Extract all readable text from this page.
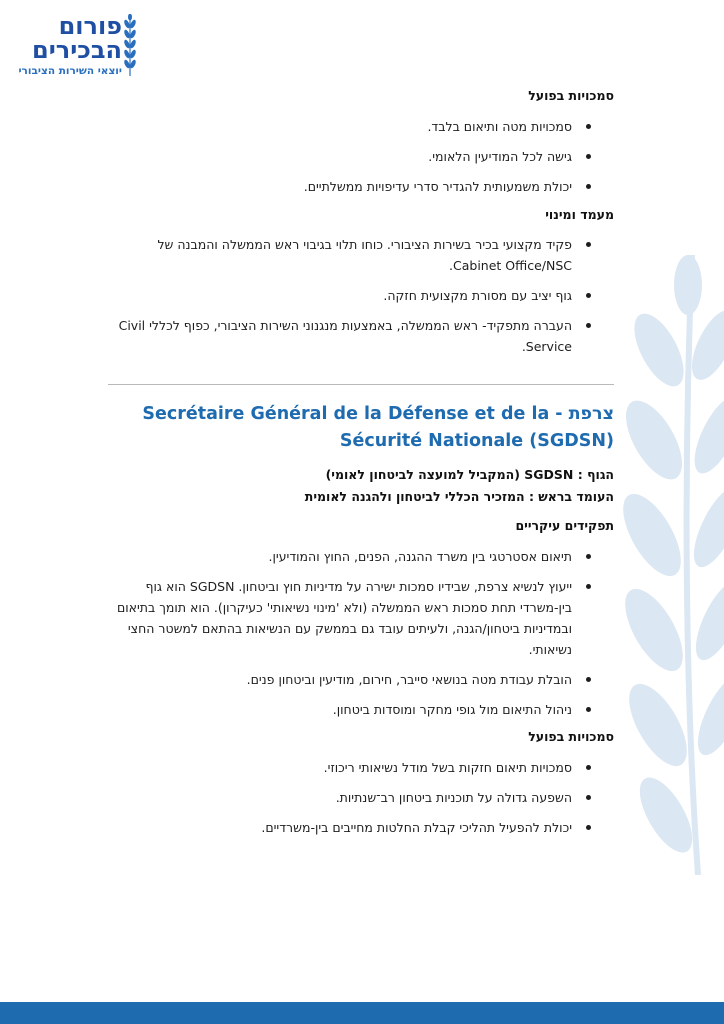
פורום
הבכירים
יוצאי השירות הציבורי
סמכויות בפועל
סמכויות מטה ותיאום בלבד.
גישה לכל המודיעין הלאומי.
יכולת משמעותית להגדיר סדרי עדיפויות ממשלתיים.
מעמד ומינוי
פקיד מקצועי בכיר בשירות הציבורי. כוחו תלוי בגיבוי ראש הממשלה והמבנה של Cabinet Office/NSC.
גוף יציב עם מסורת מקצועית חזקה.
העברה מתפקיד- ראש הממשלה, באמצעות מנגנוני השירות הציבורי, כפוף לכללי Civil Service.
צרפת-Secrétaire Général de la Défense et de la
Sécurité Nationale (SGDSN)
הגוף : SGDSN (המקביל למועצה לביטחון לאומי)
העומד בראש : המזכיר הכללי לביטחון ולהגנה לאומית
תפקידים עיקריים
תיאום אסטרטגי בין משרד ההגנה, הפנים, החוץ והמודיעין.
ייעוץ לנשיא צרפת, שבידיו סמכות ישירה על מדיניות חוץ וביטחון. SGDSN הוא גוף בין-משרדי תחת סמכות ראש הממשלה (ולא 'מינוי נשיאותי' כעיקרון). הוא תומך בתיאום ובמדיניות ביטחון/הגנה, ולעיתים עובד גם בממשק עם הנשיאות בהתאם למשטר החצי נשיאותי.
הובלת עבודת מטה בנושאי סייבר, חירום, מודיעין וביטחון פנים.
ניהול התיאום מול גופי מחקר ומוסדות ביטחון.
סמכויות בפועל
סמכויות תיאום חזקות בשל מודל נשיאותי ריכוזי.
השפעה גדולה על תוכניות ביטחון רב־שנתיות.
יכולת להפעיל תהליכי קבלת החלטות מחייבים בין-משרדיים.
